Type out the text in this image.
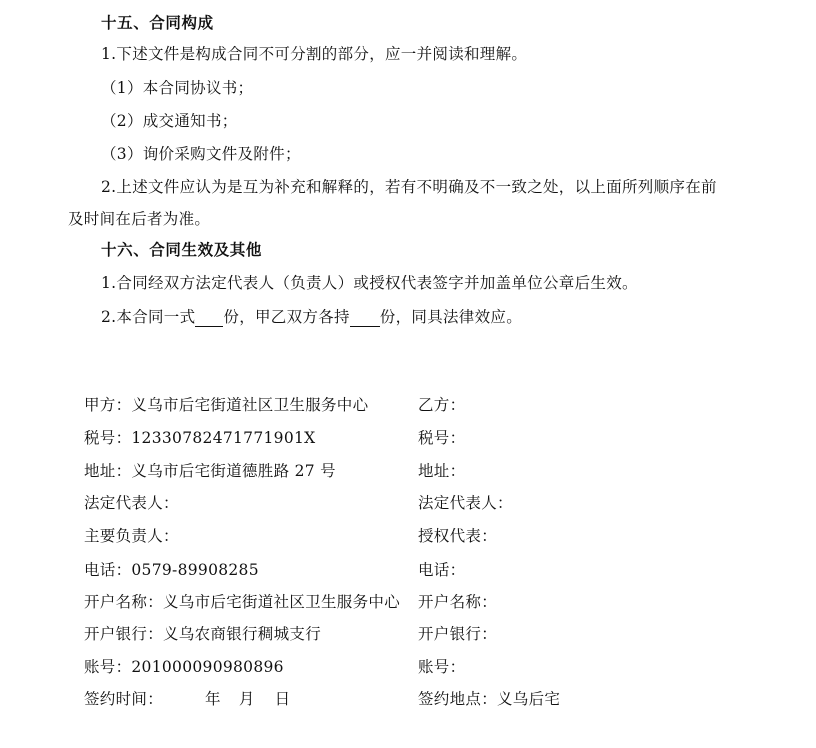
十五、合同构成
1.下述文件是构成合同不可分割的部分，应一并阅读和理解。
（1）本合同协议书；
（2）成交通知书；
（3）询价采购文件及附件；
2.上述文件应认为是互为补充和解释的，若有不明确及不一致之处，以上面所列顺序在前
及时间在后者为准。
十六、合同生效及其他
1.合同经双方法定代表人（负责人）或授权代表签字并加盖单位公章后生效。
2.本合同一式 份，甲乙双方各持 份，同具法律效应。
甲方：义乌市后宅街道社区卫生服务中心
税号：12330782471771901X
地址：义乌市后宅街道德胜路 27 号
法定代表人：
主要负责人：
电话：0579-89908285
开户名称：义乌市后宅街道社区卫生服务中心
开户银行：义乌农商银行稠城支行
账号：201000090980896
签约时间：	年 月 日
乙方：
税号：
地址：
法定代表人：
授权代表：
电话：
开户名称：
开户银行：
账号：
签约地点：义乌后宅
